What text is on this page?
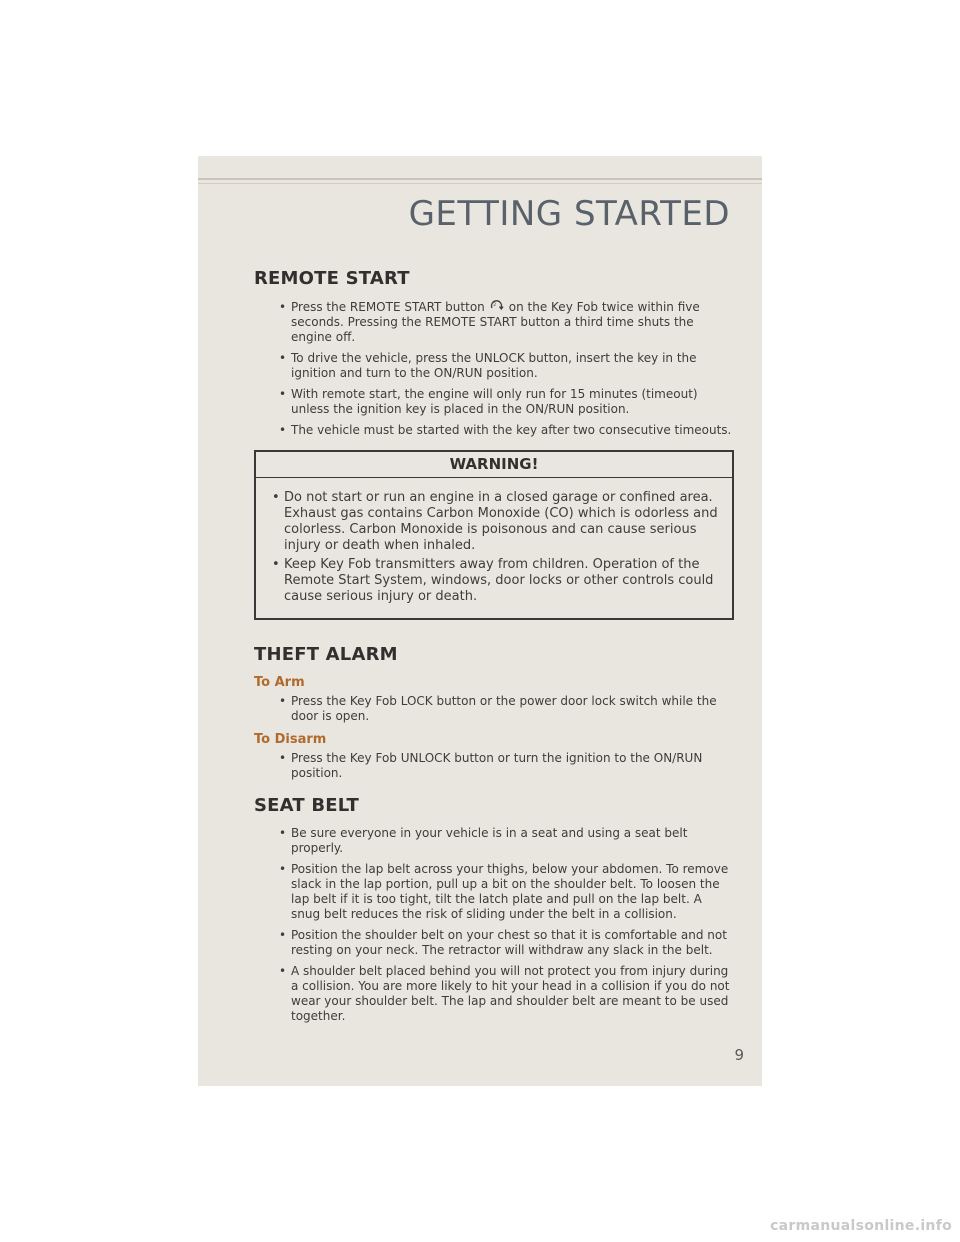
GETTING STARTED
REMOTE START
• Press the REMOTE START button 2 on the Key Fob twice within five seconds. Pressing the REMOTE START button a third time shuts the engine off.
• To drive the vehicle, press the UNLOCK button, insert the key in the ignition and turn to the ON/RUN position.
• With remote start, the engine will only run for 15 minutes (timeout) unless the ignition key is placed in the ON/RUN position.
• The vehicle must be started with the key after two consecutive timeouts.
WARNING!
• Do not start or run an engine in a closed garage or confined area. Exhaust gas contains Carbon Monoxide (CO) which is odorless and colorless. Carbon Monoxide is poisonous and can cause serious injury or death when inhaled.
• Keep Key Fob transmitters away from children. Operation of the Remote Start System, windows, door locks or other controls could cause serious injury or death.
THEFT ALARM
To Arm
• Press the Key Fob LOCK button or the power door lock switch while the door is open.
To Disarm
• Press the Key Fob UNLOCK button or turn the ignition to the ON/RUN position.
SEAT BELT
• Be sure everyone in your vehicle is in a seat and using a seat belt properly.
• Position the lap belt across your thighs, below your abdomen. To remove slack in the lap portion, pull up a bit on the shoulder belt. To loosen the lap belt if it is too tight, tilt the latch plate and pull on the lap belt. A snug belt reduces the risk of sliding under the belt in a collision.
• Position the shoulder belt on your chest so that it is comfortable and not resting on your neck. The retractor will withdraw any slack in the belt.
• A shoulder belt placed behind you will not protect you from injury during a collision. You are more likely to hit your head in a collision if you do not wear your shoulder belt. The lap and shoulder belt are meant to be used together.
9
carmanualsonline.info
